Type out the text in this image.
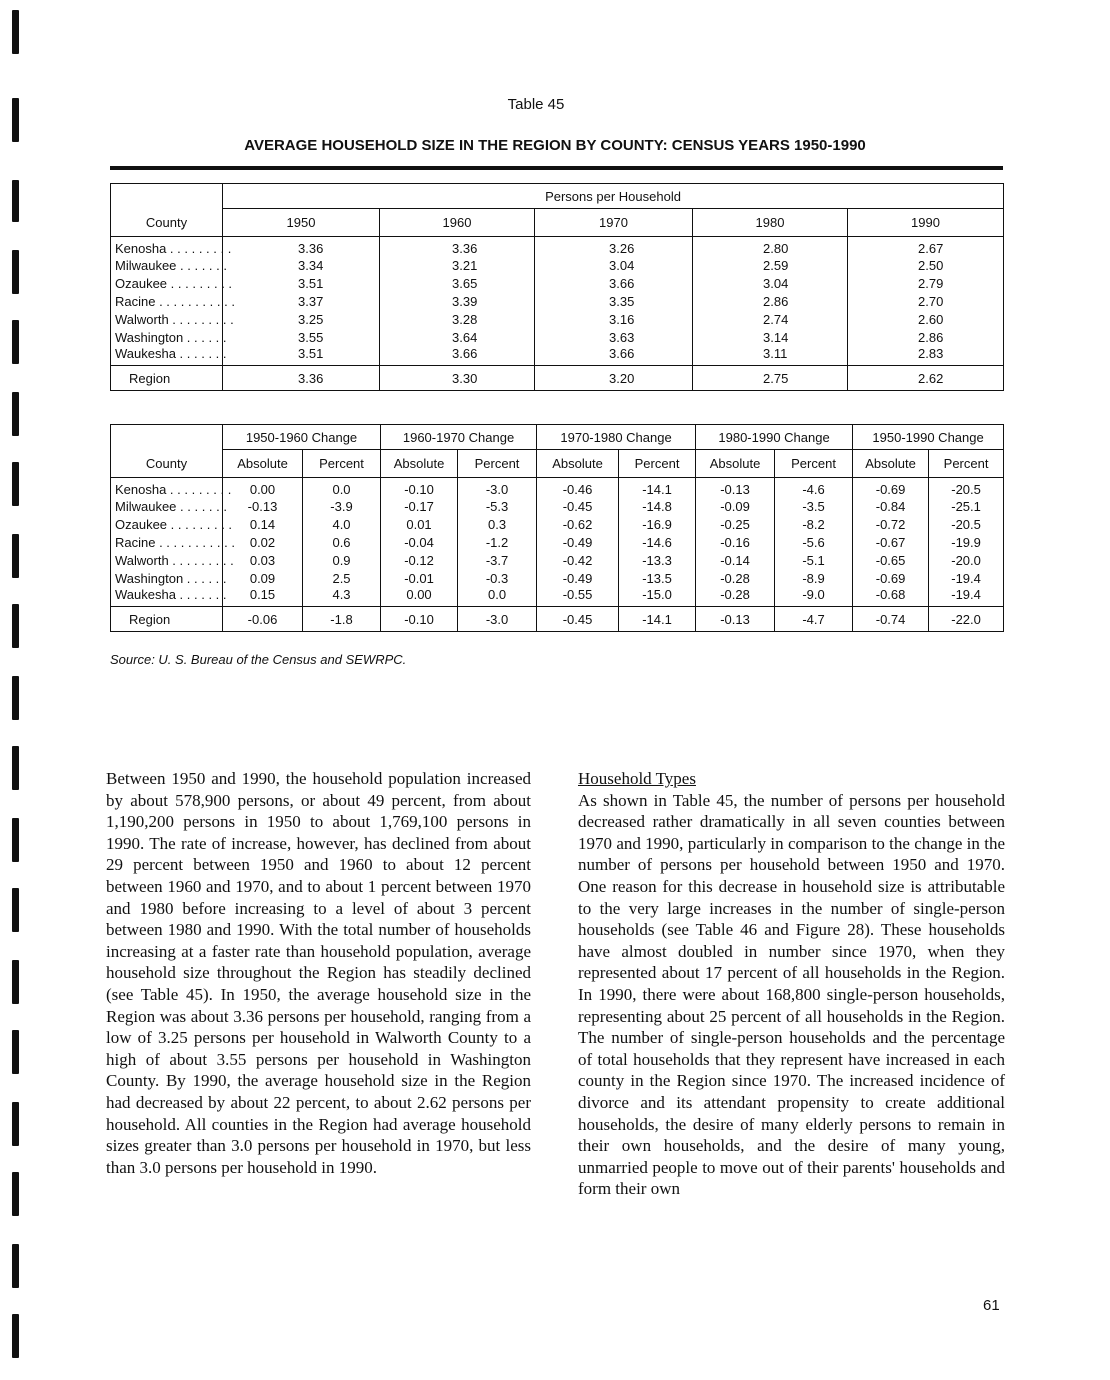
Table 45
AVERAGE HOUSEHOLD SIZE IN THE REGION BY COUNTY: CENSUS YEARS 1950-1990
	Persons per Household				
County	1950	1960	1970	1980	1990
Kenosha . . . . . . . . .	3.36	3.36	3.26	2.80	2.67
Milwaukee . . . . . . .	3.34	3.21	3.04	2.59	2.50
Ozaukee . . . . . . . . .	3.51	3.65	3.66	3.04	2.79
Racine . . . . . . . . . . .	3.37	3.39	3.35	2.86	2.70
Walworth . . . . . . . . .	3.25	3.28	3.16	2.74	2.60
Washington . . . . . .	3.55	3.64	3.63	3.14	2.86
Waukesha . . . . . . .	3.51	3.66	3.66	3.11	2.83
Region	3.36	3.30	3.20	2.75	2.62
	1950-1960 Change		1960-1970 Change		1970-1980 Change		1980-1990 Change		1950-1990 Change	
County	Absolute	Percent	Absolute	Percent	Absolute	Percent	Absolute	Percent	Absolute	Percent
Kenosha . . . . . . . . .	0.00	0.0	-0.10	-3.0	-0.46	-14.1	-0.13	-4.6	-0.69	-20.5
Milwaukee . . . . . . .	-0.13	-3.9	-0.17	-5.3	-0.45	-14.8	-0.09	-3.5	-0.84	-25.1
Ozaukee . . . . . . . . .	0.14	4.0	0.01	0.3	-0.62	-16.9	-0.25	-8.2	-0.72	-20.5
Racine . . . . . . . . . . .	0.02	0.6	-0.04	-1.2	-0.49	-14.6	-0.16	-5.6	-0.67	-19.9
Walworth . . . . . . . . .	0.03	0.9	-0.12	-3.7	-0.42	-13.3	-0.14	-5.1	-0.65	-20.0
Washington . . . . . .	0.09	2.5	-0.01	-0.3	-0.49	-13.5	-0.28	-8.9	-0.69	-19.4
Waukesha . . . . . . .	0.15	4.3	0.00	0.0	-0.55	-15.0	-0.28	-9.0	-0.68	-19.4
Region	-0.06	-1.8	-0.10	-3.0	-0.45	-14.1	-0.13	-4.7	-0.74	-22.0
Source: U. S. Bureau of the Census and SEWRPC.
Between 1950 and 1990, the household population increased by about 578,900 persons, or about 49 percent, from about 1,190,200 persons in 1950 to about 1,769,100 persons in 1990. The rate of increase, however, has declined from about 29 percent between 1950 and 1960 to about 12 percent between 1960 and 1970, and to about 1 percent between 1970 and 1980 before increasing to a level of about 3 percent between 1980 and 1990. With the total number of households increasing at a faster rate than household population, average household size throughout the Region has steadily declined (see Table 45). In 1950, the average household size in the Region was about 3.36 persons per household, ranging from a low of 3.25 persons per household in Walworth County to a high of about 3.55 persons per household in Washington County. By 1990, the average household size in the Region had decreased by about 22 percent, to about 2.62 persons per household. All counties in the Region had average household sizes greater than 3.0 persons per household in 1970, but less than 3.0 persons per household in 1990.
Household Types
As shown in Table 45, the number of persons per household decreased rather dramatically in all seven counties between 1970 and 1990, particularly in comparison to the change in the number of persons per household between 1950 and 1970. One reason for this decrease in household size is attributable to the very large increases in the number of single-person households (see Table 46 and Figure 28). These households have almost doubled in number since 1970, when they represented about 17 percent of all households in the Region. In 1990, there were about 168,800 single-person households, representing about 25 percent of all households in the Region. The number of single-person households and the percentage of total households that they represent have increased in each county in the Region since 1970. The increased incidence of divorce and its attendant propensity to create additional households, the desire of many elderly persons to remain in their own households, and the desire of many young, unmarried people to move out of their parents' households and form their own
61
